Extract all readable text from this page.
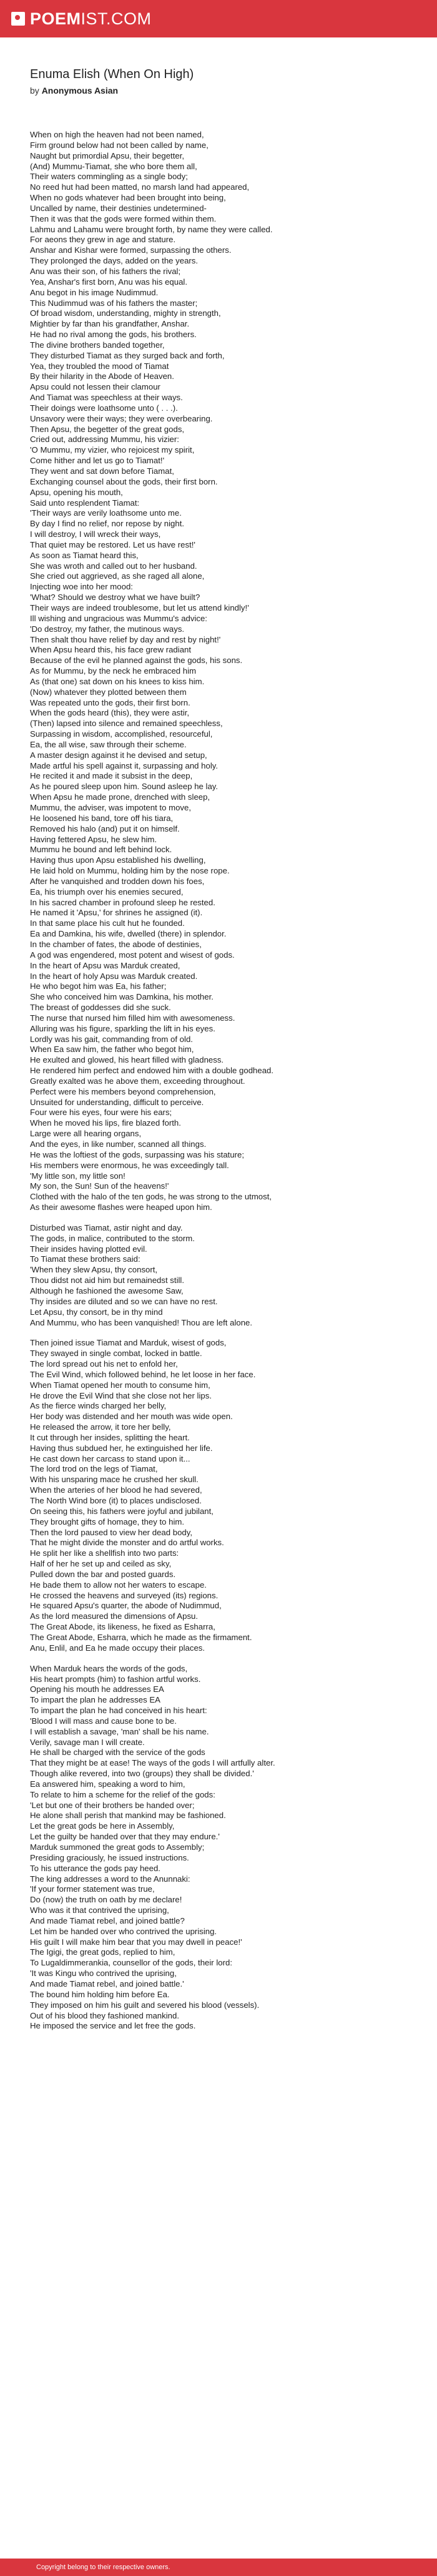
POEMIST.COM
Enuma Elish (When On High)
by Anonymous Asian
When on high the heaven had not been named,
Firm ground below had not been called by name,
Naught but primordial Apsu, their begetter,
(And) Mummu-Tiamat, she who bore them all,
Their waters commingling as a single body;
No reed hut had been matted, no marsh land had appeared,
When no gods whatever had been brought into being,
Uncalled by name, their destinies undetermined-
Then it was that the gods were formed within them.
Lahmu and Lahamu were brought forth, by name they were called.
For aeons they grew in age and stature.
Anshar and Kishar were formed, surpassing the others.
They prolonged the days, added on the years.
Anu was their son, of his fathers the rival;
Yea, Anshar's first born, Anu was his equal.
Anu begot in his image Nudimmud.
This Nudimmud was of his fathers the master;
Of broad wisdom, understanding, mighty in strength,
Mightier by far than his grandfather, Anshar.
He had no rival among the gods, his brothers.
The divine brothers banded together,
They disturbed Tiamat as they surged back and forth,
Yea, they troubled the mood of Tiamat
By their hilarity in the Abode of Heaven.
Apsu could not lessen their clamour
And Tiamat was speechless at their ways.
Their doings were loathsome unto ( . . .).
Unsavory were their ways; they were overbearing.
Then Apsu, the begetter of the great gods,
Cried out, addressing Mummu, his vizier:
'O Mummu, my vizier, who rejoicest my spirit,
Come hither and let us go to Tiamat!'
They went and sat down before Tiamat,
Exchanging counsel about the gods, their first born.
Apsu, opening his mouth,
Said unto resplendent Tiamat:
'Their ways are verily loathsome unto me.
By day I find no relief, nor repose by night.
I will destroy, I will wreck their ways,
That quiet may be restored. Let us have rest!'
As soon as Tiamat heard this,
She was wroth and called out to her husband.
She cried out aggrieved, as she raged all alone,
Injecting woe into her mood:
'What? Should we destroy what we have built?
Their ways are indeed troublesome, but let us attend kindly!'
Ill wishing and ungracious was Mummu's advice:
'Do destroy, my father, the mutinous ways.
Then shalt thou have relief by day and rest by night!'
When Apsu heard this, his face grew radiant
Because of the evil he planned against the gods, his sons.
As for Mummu, by the neck he embraced him
As (that one) sat down on his knees to kiss him.
(Now) whatever they plotted between them
Was repeated unto the gods, their first born.
When the gods heard (this), they were astir,
(Then) lapsed into silence and remained speechless,
Surpassing in wisdom, accomplished, resourceful,
Ea, the all wise, saw through their scheme.
A master design against it he devised and setup,
Made artful his spell against it, surpassing and holy.
He recited it and made it subsist in the deep,
As he poured sleep upon him. Sound asleep he lay.
When Apsu he made prone, drenched with sleep,
Mummu, the adviser, was impotent to move,
He loosened his band, tore off his tiara,
Removed his halo (and) put it on himself.
Having fettered Apsu, he slew him.
Mummu he bound and left behind lock.
Having thus upon Apsu established his dwelling,
He laid hold on Mummu, holding him by the nose rope.
After he vanquished and trodden down his foes,
Ea, his triumph over his enemies secured,
In his sacred chamber in profound sleep he rested.
He named it 'Apsu,' for shrines he assigned (it).
In that same place his cult hut he founded.
Ea and Damkina, his wife, dwelled (there) in splendor.
In the chamber of fates, the abode of destinies,
A god was engendered, most potent and wisest of gods.
In the heart of Apsu was Marduk created,
In the heart of holy Apsu was Marduk created.
He who begot him was Ea, his father;
She who conceived him was Damkina, his mother.
The breast of goddesses did she suck.
The nurse that nursed him filled him with awesomeness.
Alluring was his figure, sparkling the lift in his eyes.
Lordly was his gait, commanding from of old.
When Ea saw him, the father who begot him,
He exulted and glowed, his heart filled with gladness.
He rendered him perfect and endowed him with a double godhead.
Greatly exalted was he above them, exceeding throughout.
Perfect were his members beyond comprehension,
Unsuited for understanding, difficult to perceive.
Four were his eyes, four were his ears;
When he moved his lips, fire blazed forth.
Large were all hearing organs,
And the eyes, in like number, scanned all things.
He was the loftiest of the gods, surpassing was his stature;
His members were enormous, he was exceedingly tall.
'My little son, my little son!
My son, the Sun! Sun of the heavens!'
Clothed with the halo of the ten gods, he was strong to the utmost,
As their awesome flashes were heaped upon him.
Disturbed was Tiamat, astir night and day.
The gods, in malice, contributed to the storm.
Their insides having plotted evil.
To Tiamat these brothers said:
'When they slew Apsu, thy consort,
Thou didst not aid him but remainedst still.
Although he fashioned the awesome Saw,
Thy insides are diluted and so we can have no rest.
Let Apsu, thy consort, be in thy mind
And Mummu, who has been vanquished! Thou are left alone.
Then joined issue Tiamat and Marduk, wisest of gods,
They swayed in single combat, locked in battle.
The lord spread out his net to enfold her,
The Evil Wind, which followed behind, he let loose in her face.
When Tiamat opened her mouth to consume him,
He drove the Evil Wind that she close not her lips.
As the fierce winds charged her belly,
Her body was distended and her mouth was wide open.
He released the arrow, it tore her belly,
It cut through her insides, splitting the heart.
Having thus subdued her, he extinguished her life.
He cast down her carcass to stand upon it...
The lord trod on the legs of Tiamat,
With his unsparing mace he crushed her skull.
When the arteries of her blood he had severed,
The North Wind bore (it) to places undisclosed.
On seeing this, his fathers were joyful and jubilant,
They brought gifts of homage, they to him.
Then the lord paused to view her dead body,
That he might divide the monster and do artful works.
He split her like a shellfish into two parts:
Half of her he set up and ceiled as sky,
Pulled down the bar and posted guards.
He bade them to allow not her waters to escape.
He crossed the heavens and surveyed (its) regions.
He squared Apsu's quarter, the abode of Nudimmud,
As the lord measured the dimensions of Apsu.
The Great Abode, its likeness, he fixed as Esharra,
The Great Abode, Esharra, which he made as the firmament.
Anu, Enlil, and Ea he made occupy their places.
When Marduk hears the words of the gods,
His heart prompts (him) to fashion artful works.
Opening his mouth he addresses EA
To impart the plan he addresses EA
To impart the plan he had conceived in his heart:
'Blood I will mass and cause bone to be.
I will establish a savage, 'man' shall be his name.
Verily, savage man I will create.
He shall be charged with the service of the gods
That they might be at ease! The ways of the gods I will artfully alter.
Though alike revered, into two (groups) they shall be divided.'
Ea answered him, speaking a word to him,
To relate to him a scheme for the relief of the gods:
'Let but one of their brothers be handed over;
He alone shall perish that mankind may be fashioned.
Let the great gods be here in Assembly,
Let the guilty be handed over that they may endure.'
Marduk summoned the great gods to Assembly;
Presiding graciously, he issued instructions.
To his utterance the gods pay heed.
The king addresses a word to the Anunnaki:
'If your former statement was true,
Do (now) the truth on oath by me declare!
Who was it that contrived the uprising,
And made Tiamat rebel, and joined battle?
Let him be handed over who contrived the uprising.
His guilt I will make him bear that you may dwell in peace!'
The Igigi, the great gods, replied to him,
To Lugaldimmerankia, counsellor of the gods, their lord:
'It was Kingu who contrived the uprising,
And made Tiamat rebel, and joined battle.'
The bound him holding him before Ea.
They imposed on him his guilt and severed his blood (vessels).
Out of his blood they fashioned mankind.
He imposed the service and let free the gods.
Copyright belong to their respective owners.
